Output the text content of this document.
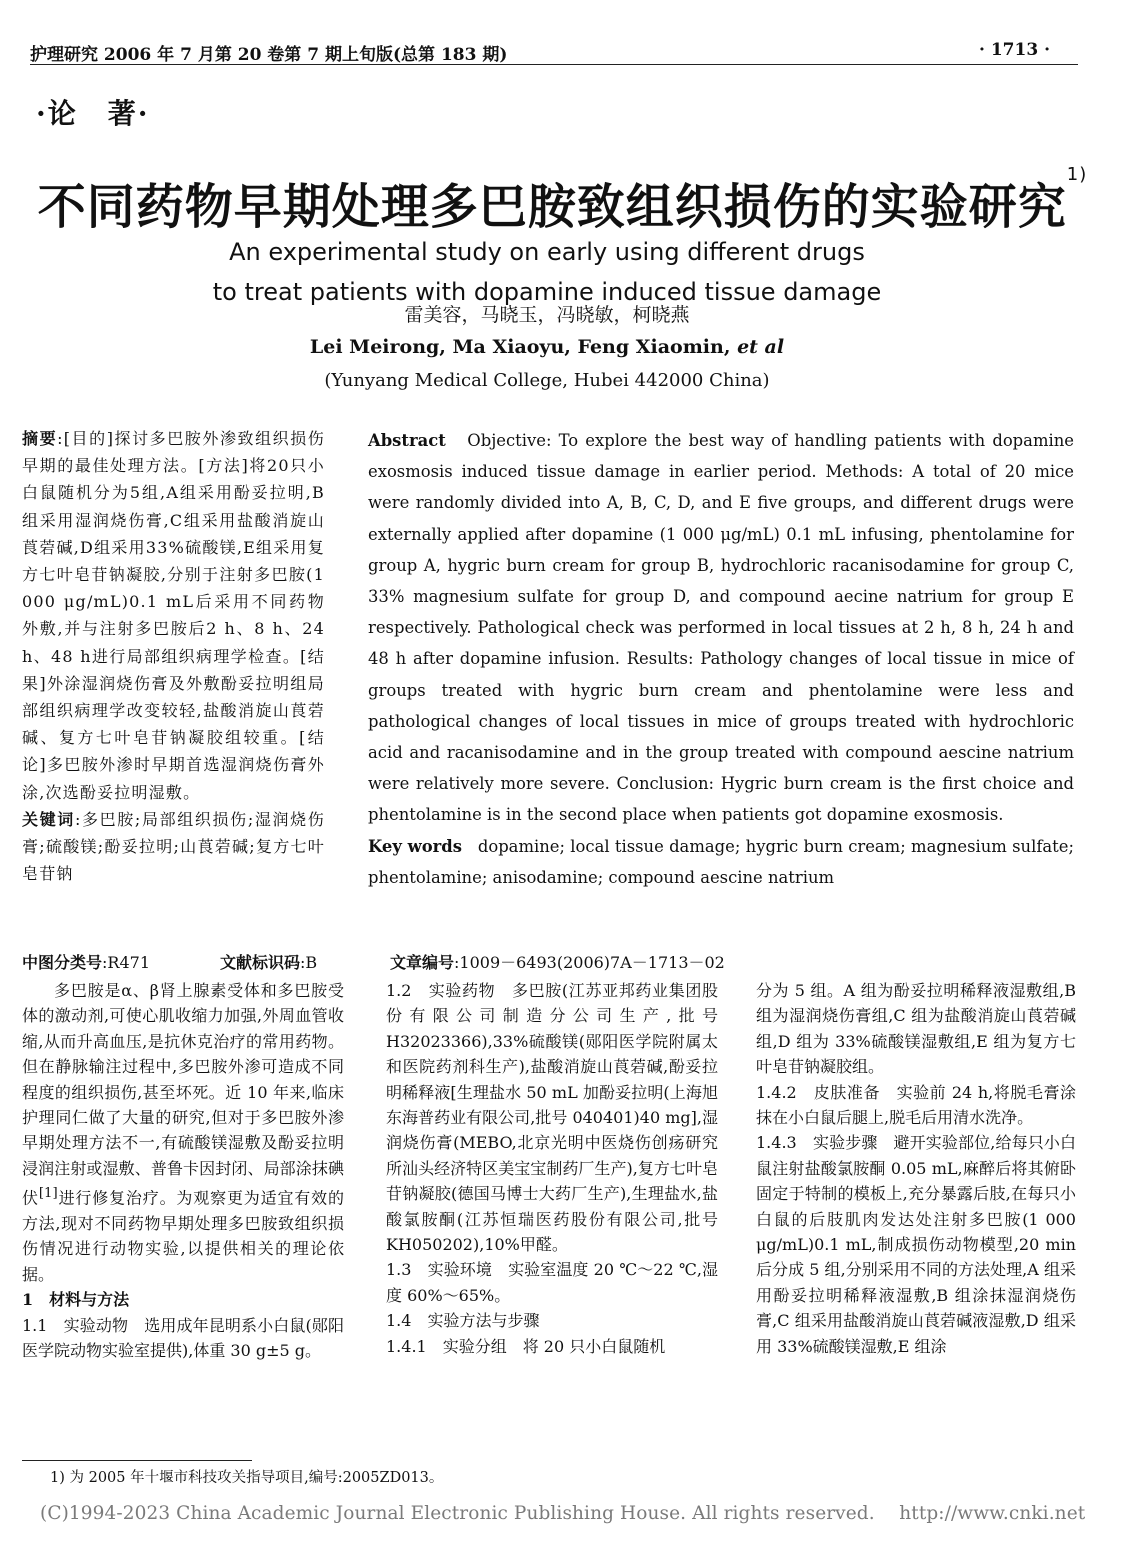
护理研究 2006 年 7 月第 20 卷第 7 期上旬版(总第 183 期)	· 1713 ·
·论　著·
不同药物早期处理多巴胺致组织损伤的实验研究$^{1)}$
An experimental study on early using different drugs
to treat patients with dopamine induced tissue damage
雷美容，马晓玉，冯晓敏，柯晓燕
Lei Meirong, Ma Xiaoyu, Feng Xiaomin, et al
(Yunyang Medical College, Hubei 442000 China)
摘要:[目的]探讨多巴胺外渗致组织损伤早期的最佳处理方法。[方法]将20只小白鼠随机分为5组,A组采用酚妥拉明,B组采用湿润烧伤膏,C组采用盐酸消旋山莨菪碱,D组采用33%硫酸镁,E组采用复方七叶皂苷钠凝胶,分别于注射多巴胺(1 000 μg/mL)0.1 mL后采用不同药物外敷,并与注射多巴胺后2 h、8 h、24 h、48 h进行局部组织病理学检查。[结果]外涂湿润烧伤膏及外敷酚妥拉明组局部组织病理学改变较轻,盐酸消旋山莨菪碱、复方七叶皂苷钠凝胶组较重。[结论]多巴胺外渗时早期首选湿润烧伤膏外涂,次选酚妥拉明湿敷。
关键词:多巴胺;局部组织损伤;湿润烧伤膏;硫酸镁;酚妥拉明;山莨菪碱;复方七叶皂苷钠
Abstract Objective: To explore the best way of handling patients with dopamine exosmosis induced tissue damage in earlier period. Methods: A total of 20 mice were randomly divided into A, B, C, D, and E five groups, and different drugs were externally applied after dopamine (1 000 μg/mL) 0.1 mL infusing, phentolamine for group A, hygric burn cream for group B, hydrochloric racanisodamine for group C, 33% magnesium sulfate for group D, and compound aecine natrium for group E respectively. Pathological check was performed in local tissues at 2 h, 8 h, 24 h and 48 h after dopamine infusion. Results: Pathology changes of local tissue in mice of groups treated with hygric burn cream and phentolamine were less and pathological changes of local tissues in mice of groups treated with hydrochloric acid and racanisodamine and in the group treated with compound aescine natrium were relatively more severe. Conclusion: Hygric burn cream is the first choice and phentolamine is in the second place when patients got dopamine exosmosis.
Key words dopamine; local tissue damage; hygric burn cream; magnesium sulfate; phentolamine; anisodamine; compound aescine natrium
中图分类号:R471	文献标识码:B	文章编号:1009－6493(2006)7A－1713－02

多巴胺是α、β肾上腺素受体和多巴胺受体的激动剂,可使心肌收缩力加强,外周血管收缩,从而升高血压,是抗休克治疗的常用药物。但在静脉输注过程中,多巴胺外渗可造成不同程度的组织损伤,甚至坏死。近 10 年来,临床护理同仁做了大量的研究,但对于多巴胺外渗早期处理方法不一,有硫酸镁湿敷及酚妥拉明浸润注射或湿敷、普鲁卡因封闭、局部涂抹碘伏[1]进行修复治疗。为观察更为适宜有效的方法,现对不同药物早期处理多巴胺致组织损伤情况进行动物实验,以提供相关的理论依据。

1　材料与方法

1.1　实验动物　选用成年昆明系小白鼠(郧阳医学院动物实验室提供),体重 30 g±5 g。

1.2　实验药物　多巴胺(江苏亚邦药业集团股份有限公司制造分公司生产,批号 H32023366),33%硫酸镁(郧阳医学院附属太和医院药剂科生产),盐酸消旋山莨菪碱,酚妥拉明稀释液[生理盐水 50 mL 加酚妥拉明(上海旭东海普药业有限公司,批号 040401)40 mg],湿润烧伤膏(MEBO,北京光明中医烧伤创疡研究所汕头经济特区美宝宝制药厂生产),复方七叶皂苷钠凝胶(德国马博士大药厂生产),生理盐水,盐酸氯胺酮(江苏恒瑞医药股份有限公司,批号 KH050202),10%甲醛。

1.3　实验环境　实验室温度 20 ℃～22 ℃,湿度 60%～65%。

1.4　实验方法与步骤

1.4.1　实验分组　将 20 只小白鼠随机

分为 5 组。A 组为酚妥拉明稀释液湿敷组,B 组为湿润烧伤膏组,C 组为盐酸消旋山莨菪碱组,D 组为 33%硫酸镁湿敷组,E 组为复方七叶皂苷钠凝胶组。

1.4.2　皮肤准备　实验前 24 h,将脱毛膏涂抹在小白鼠后腿上,脱毛后用清水洗净。

1.4.3　实验步骤　避开实验部位,给每只小白鼠注射盐酸氯胺酮 0.05 mL,麻醉后将其俯卧固定于特制的模板上,充分暴露后肢,在每只小白鼠的后肢肌肉发达处注射多巴胺(1 000 μg/mL)0.1 mL,制成损伤动物模型,20 min 后分成 5 组,分别采用不同的方法处理,A 组采用酚妥拉明稀释液湿敷,B 组涂抹湿润烧伤膏,C 组采用盐酸消旋山莨菪碱液湿敷,D 组采用 33%硫酸镁湿敷,E 组涂

1) 为 2005 年十堰市科技攻关指导项目,编号:2005ZD013。
(C)1994-2023 China Academic Journal Electronic Publishing House. All rights reserved.　 http://www.cnki.net
